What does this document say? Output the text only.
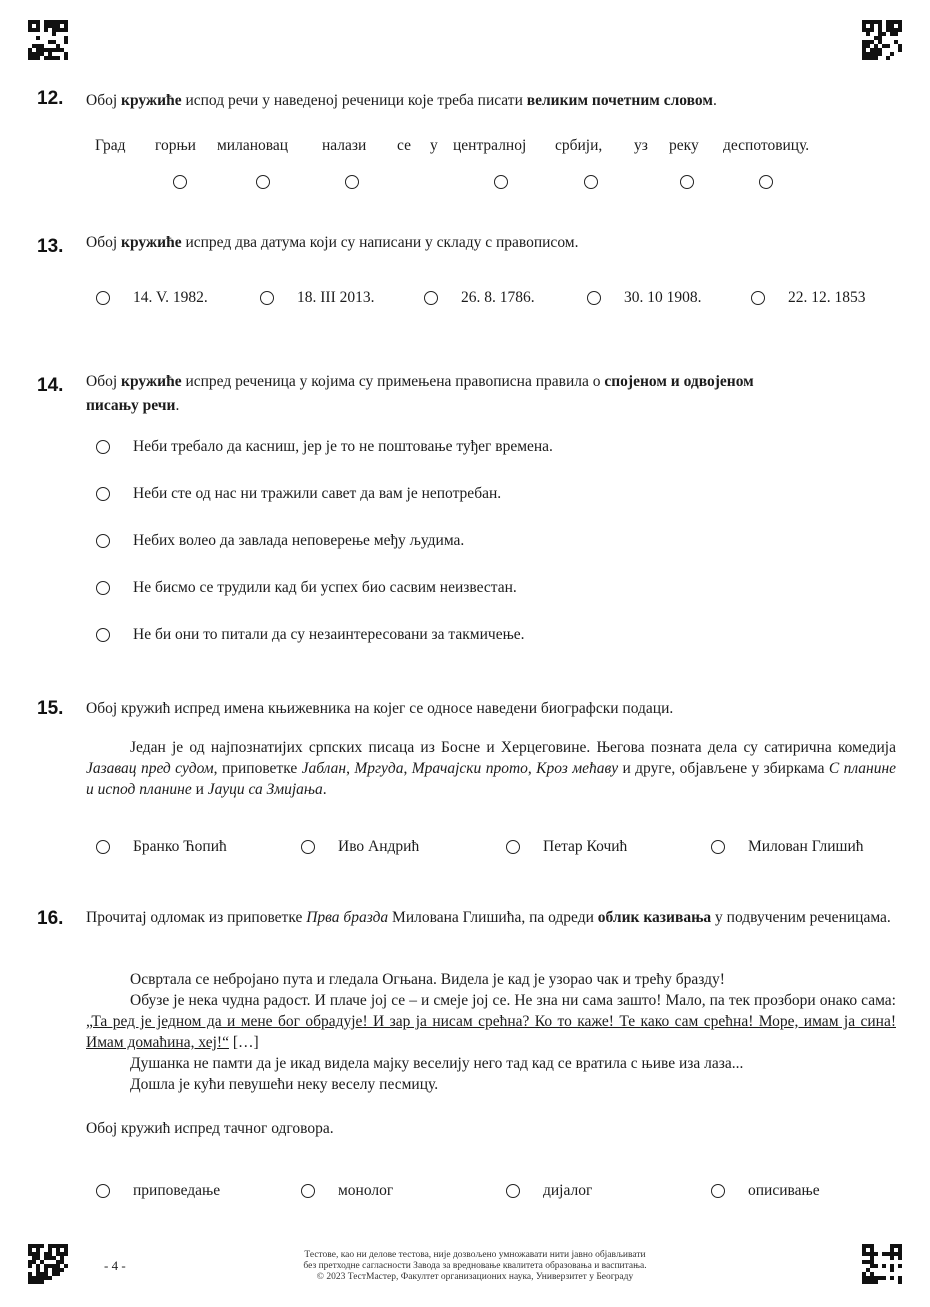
12. Обој кружиће испод речи у наведеној реченици које треба писати великим почетним словом.
Град горњи милановац налази се у централној србији, уз реку деспотовицу.
13. Обој кружиће испред два датума који су написани у складу с правописом.
14. V. 1982.	18. III 2013.	26. 8. 1786.	30. 10 1908.	22. 12. 1853
14. Обој кружиће испред реченица у којима су примењена правописна правила о спојеном и одвојеном
писању речи.
Неби требало да касниш, јер је то не поштовање туђег времена.
Неби сте од нас ни тражили савет да вам је непотребан.
Небих волео да завлада неповерење међу људима.
Не бисмо се трудили кад би успех био сасвим неизвестан.
Не би они то питали да су незаинтересовани за такмичење.
15. Обој кружић испред имена књижевника на којег се односе наведени биографски подаци.
Један је од најпознатијих српских писаца из Босне и Херцеговине. Његова позната дела су сатирична комедија Јазавац пред судом, приповетке Јаблан, Мргуда, Мрачајски прото, Кроз мећаву и друге, објављене у збиркама С планине и испод планине и Јауци са Змијања.
Бранко Ћопић	Иво Андрић	Петар Кочић	Милован Глишић
16. Прочитај одломак из приповетке Прва бразда Милована Глишића, па одреди облик казивања у подвученим реченицама.
Освртала се небројано пута и гледала Огњана. Видела је кад је узорао чак и трећу бразду!
Обузе је нека чудна радост. И плаче јој се – и смеје јој се. Не зна ни сама зашто! Мало, па тек прозбори онако сама: „Та ред је једном да и мене бог обрадује! И зар ја нисам срећна? Ко то каже! Те како сам срећна! Море, имам ја сина! Имам домаћина, хеј!“ […]
Душанка не памти да је икад видела мајку веселију него тад кад се вратила с њиве иза лаза...
Дошла је кући певушећи неку веселу песмицу.
Обој кружић испред тачног одговора.
приповедање	монолог	дијалог	описивање
- 4 -
Тестове, као ни делове тестова, није дозвољено умножавати нити јавно објављивати
без претходне сагласности Завода за вредновање квалитета образовања и васпитања.
© 2023 ТестМастер, Факултет организационих наука, Универзитет у Београду
